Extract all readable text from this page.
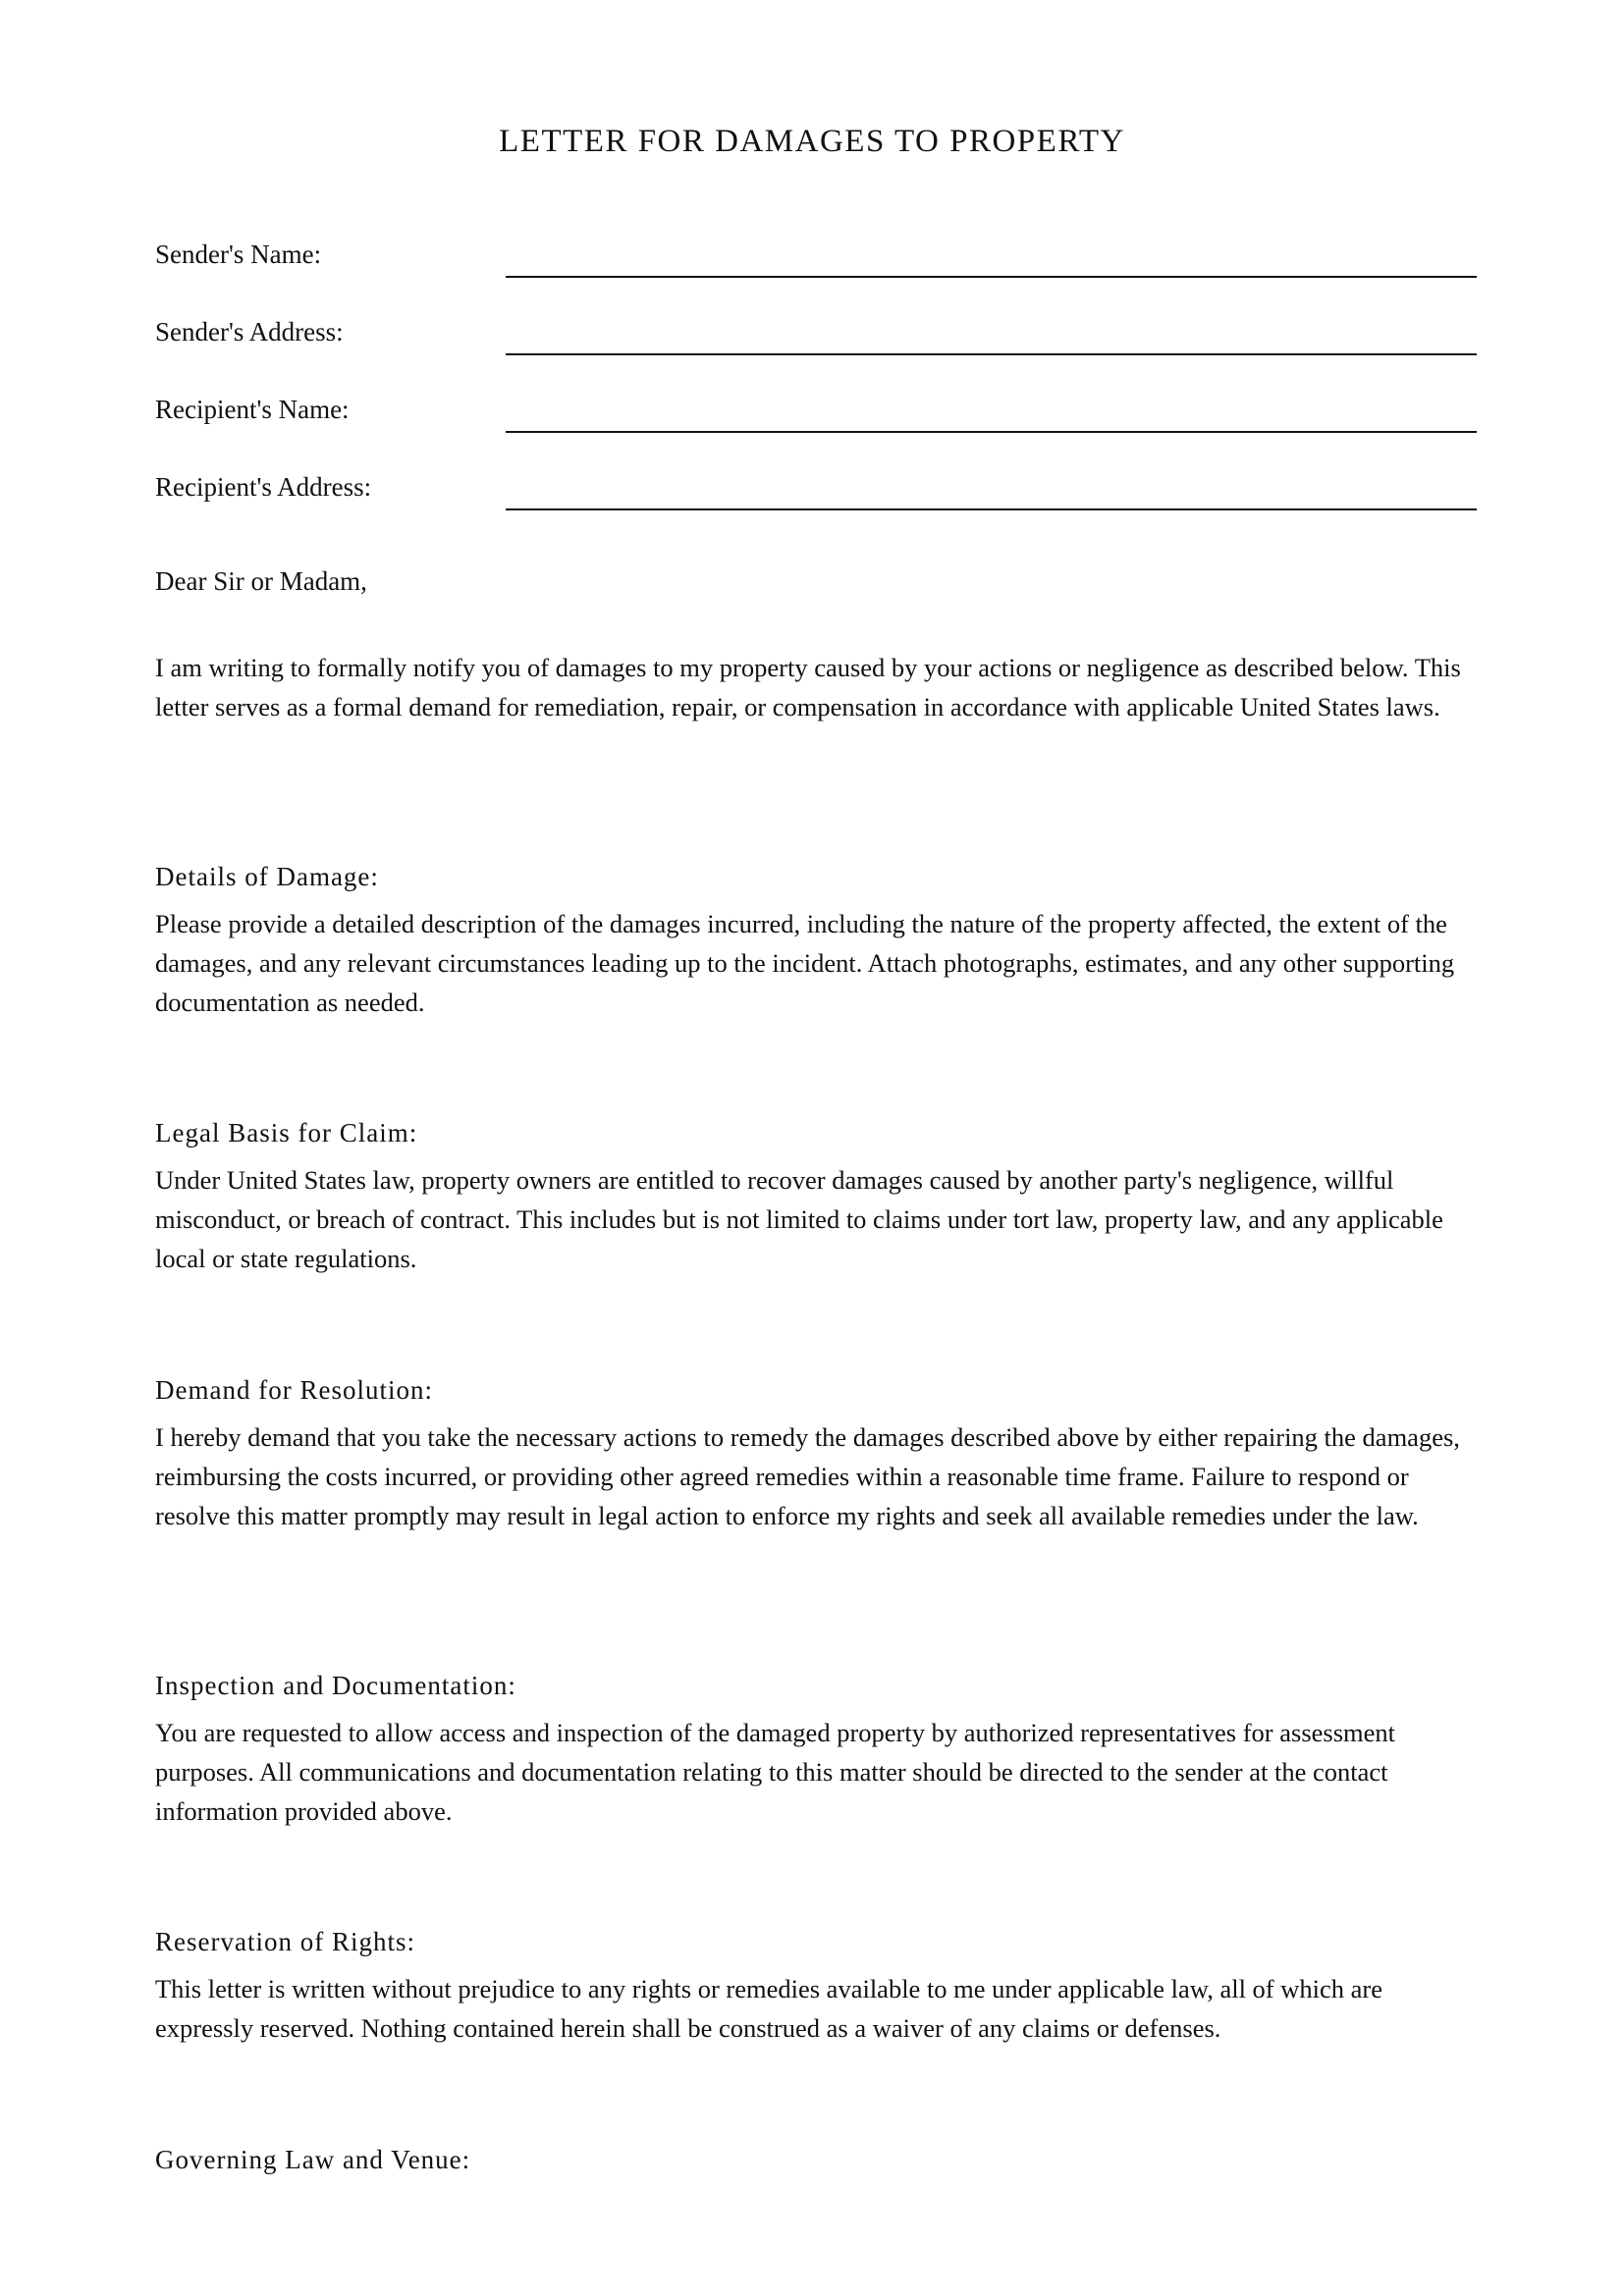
LETTER FOR DAMAGES TO PROPERTY
Sender's Name:
Sender's Address:
Recipient's Name:
Recipient's Address:

Dear Sir or Madam,

I am writing to formally notify you of damages to my property caused by your actions or negligence as described below. This letter serves as a formal demand for remediation, repair, or compensation in accordance with applicable United States laws.

Details of Damage:

Please provide a detailed description of the damages incurred, including the nature of the property affected, the extent of the damages, and any relevant circumstances leading up to the incident. Attach photographs, estimates, and any other supporting documentation as needed.

Legal Basis for Claim:

Under United States law, property owners are entitled to recover damages caused by another party's negligence, willful misconduct, or breach of contract. This includes but is not limited to claims under tort law, property law, and any applicable local or state regulations.

Demand for Resolution:

I hereby demand that you take the necessary actions to remedy the damages described above by either repairing the damages, reimbursing the costs incurred, or providing other agreed remedies within a reasonable time frame. Failure to respond or resolve this matter promptly may result in legal action to enforce my rights and seek all available remedies under the law.

Inspection and Documentation:

You are requested to allow access and inspection of the damaged property by authorized representatives for assessment purposes. All communications and documentation relating to this matter should be directed to the sender at the contact information provided above.

Reservation of Rights:

This letter is written without prejudice to any rights or remedies available to me under applicable law, all of which are expressly reserved. Nothing contained herein shall be construed as a waiver of any claims or defenses.

Governing Law and Venue:
